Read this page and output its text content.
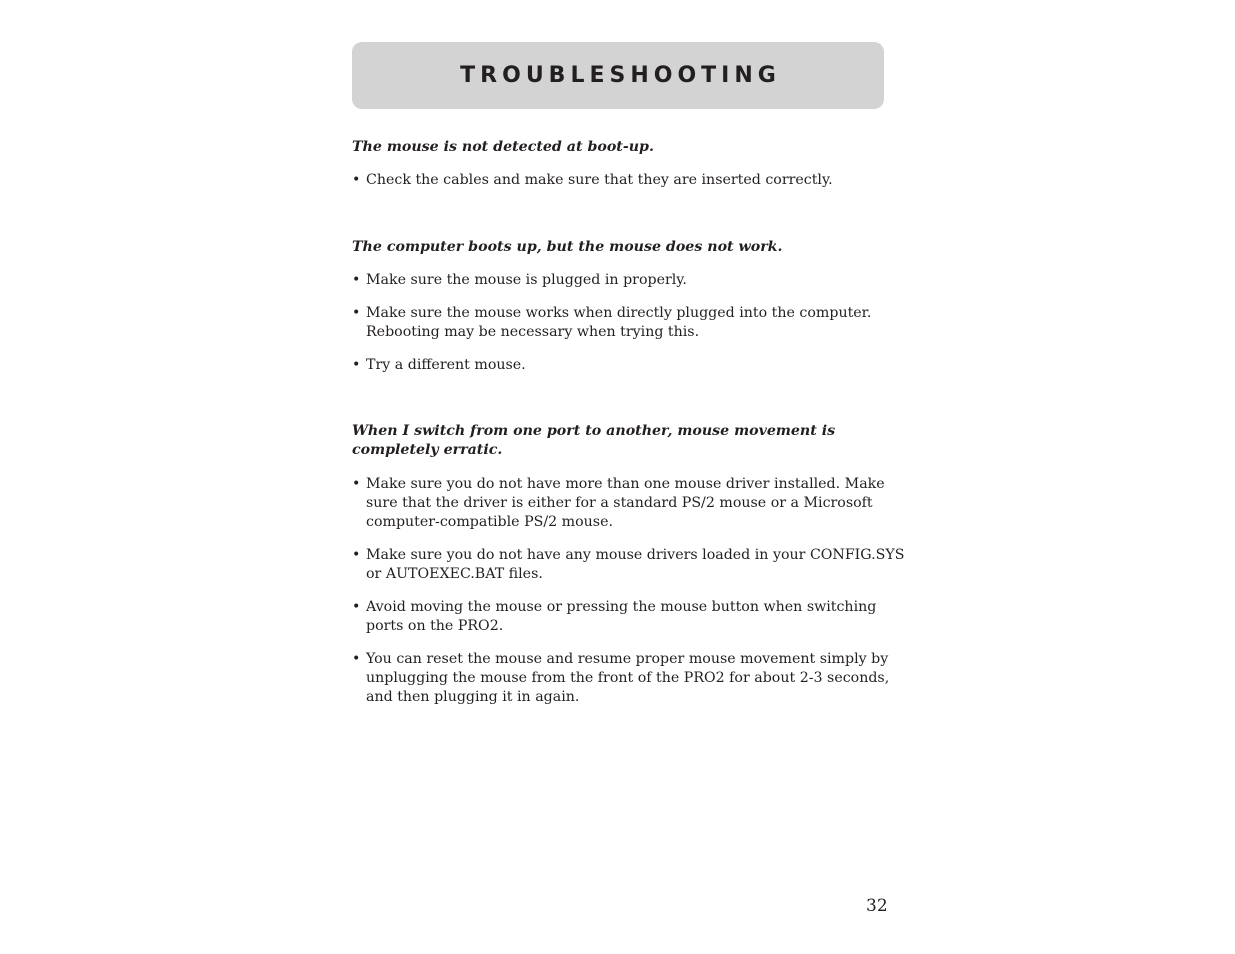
TROUBLESHOOTING
The mouse is not detected at boot-up.
• Check the cables and make sure that they are inserted correctly.
The computer boots up, but the mouse does not work.
• Make sure the mouse is plugged in properly.
• Make sure the mouse works when directly plugged into the computer.
Rebooting may be necessary when trying this.
• Try a different mouse.
When I switch from one port to another, mouse movement is
completely erratic.
• Make sure you do not have more than one mouse driver installed. Make
sure that the driver is either for a standard PS/2 mouse or a Microsoft
computer-compatible PS/2 mouse.
• Make sure you do not have any mouse drivers loaded in your CONFIG.SYS
or AUTOEXEC.BAT files.
• Avoid moving the mouse or pressing the mouse button when switching
ports on the PRO2.
• You can reset the mouse and resume proper mouse movement simply by
unplugging the mouse from the front of the PRO2 for about 2-3 seconds,
and then plugging it in again.
32
